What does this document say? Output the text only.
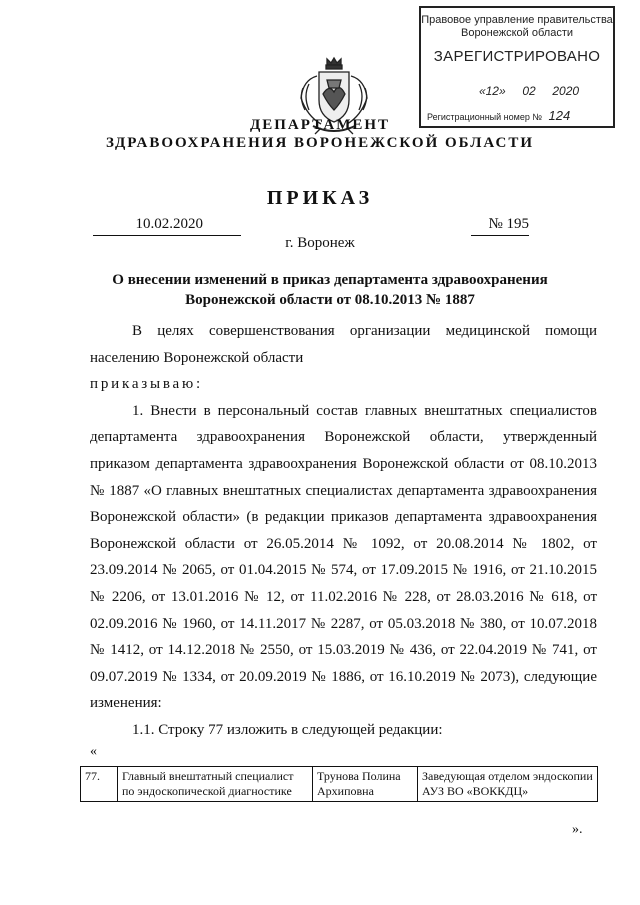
Правовое управление правительства
Воронежской области
ЗАРЕГИСТРИРОВАНО
«12»     02 2020
Регистрационный номер № 124
ДЕПАРТАМЕНТ
ЗДРАВООХРАНЕНИЯ ВОРОНЕЖСКОЙ ОБЛАСТИ
ПРИКАЗ
10.02.2020	№ 195
г. Воронеж
О внесении изменений в приказ департамента здравоохранения
Воронежской области от 08.10.2013 № 1887

В целях совершенствования организации медицинской помощи населению Воронежской области

приказываю:

1. Внести в персональный состав главных внештатных специалистов департамента здравоохранения Воронежской области, утвержденный приказом департамента здравоохранения Воронежской области от 08.10.2013 № 1887 «О главных внештатных специалистах департамента здравоохранения Воронежской области» (в редакции приказов департамента здравоохранения Воронежской области от 26.05.2014 № 1092, от 20.08.2014 № 1802, от 23.09.2014 № 2065, от 01.04.2015 № 574, от 17.09.2015 № 1916, от 21.10.2015 № 2206, от 13.01.2016 № 12, от 11.02.2016 № 228, от 28.03.2016 № 618, от 02.09.2016 № 1960, от 14.11.2017 № 2287, от 05.03.2018 № 380, от 10.07.2018 № 1412, от 14.12.2018 № 2550, от 15.03.2019 № 436, от 22.04.2019 № 741, от 09.07.2019 № 1334, от 20.09.2019 № 1886, от 16.10.2019 № 2073), следующие изменения:

1.1. Строку 77 изложить в следующей редакции:

«
77.	Главный внештатный специалист по эндоскопической диагностике	Трунова Полина Архиповна	Заведующая отделом эндоскопии АУЗ ВО «ВОККДЦ»
».
